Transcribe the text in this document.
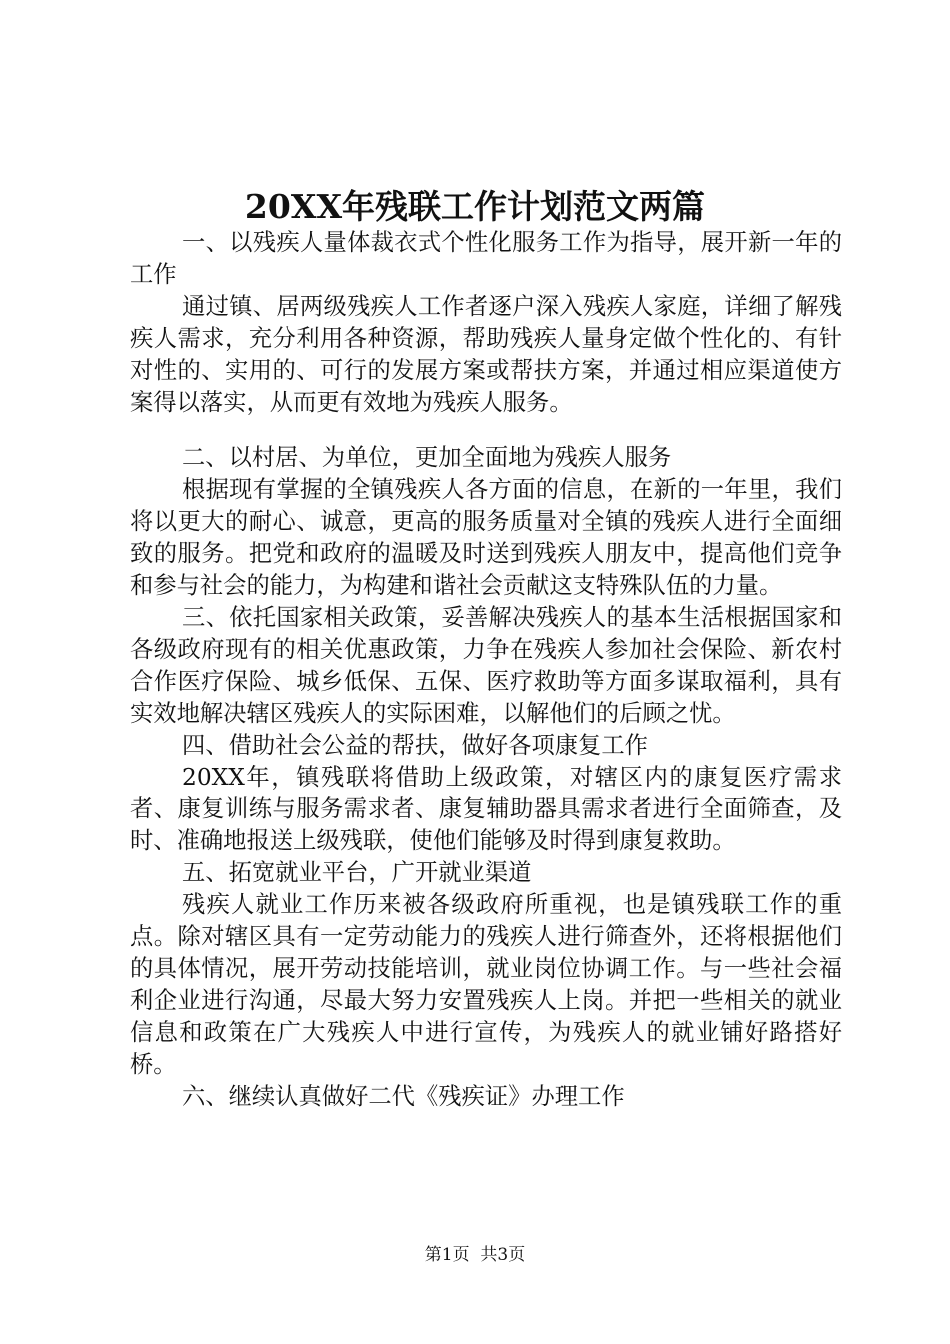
20XX年残联工作计划范文两篇

一、以残疾人量体裁衣式个性化服务工作为指导，展开新一年的工作

通过镇、居两级残疾人工作者逐户深入残疾人家庭，详细了解残疾人需求，充分利用各种资源，帮助残疾人量身定做个性化的、有针对性的、实用的、可行的发展方案或帮扶方案，并通过相应渠道使方案得以落实，从而更有效地为残疾人服务。

二、以村居、为单位，更加全面地为残疾人服务

根据现有掌握的全镇残疾人各方面的信息，在新的一年里，我们将以更大的耐心、诚意，更高的服务质量对全镇的残疾人进行全面细致的服务。把党和政府的温暖及时送到残疾人朋友中，提高他们竞争和参与社会的能力，为构建和谐社会贡献这支特殊队伍的力量。

三、依托国家相关政策，妥善解决残疾人的基本生活根据国家和各级政府现有的相关优惠政策，力争在残疾人参加社会保险、新农村合作医疗保险、城乡低保、五保、医疗救助等方面多谋取福利，具有实效地解决辖区残疾人的实际困难，以解他们的后顾之忧。

四、借助社会公益的帮扶，做好各项康复工作

20XX年，镇残联将借助上级政策，对辖区内的康复医疗需求者、康复训练与服务需求者、康复辅助器具需求者进行全面筛查，及时、准确地报送上级残联，使他们能够及时得到康复救助。

五、拓宽就业平台，广开就业渠道

残疾人就业工作历来被各级政府所重视，也是镇残联工作的重点。除对辖区具有一定劳动能力的残疾人进行筛查外，还将根据他们的具体情况，展开劳动技能培训，就业岗位协调工作。与一些社会福利企业进行沟通，尽最大努力安置残疾人上岗。并把一些相关的就业信息和政策在广大残疾人中进行宣传，为残疾人的就业铺好路搭好桥。

六、继续认真做好二代《残疾证》办理工作

第1页  共3页
